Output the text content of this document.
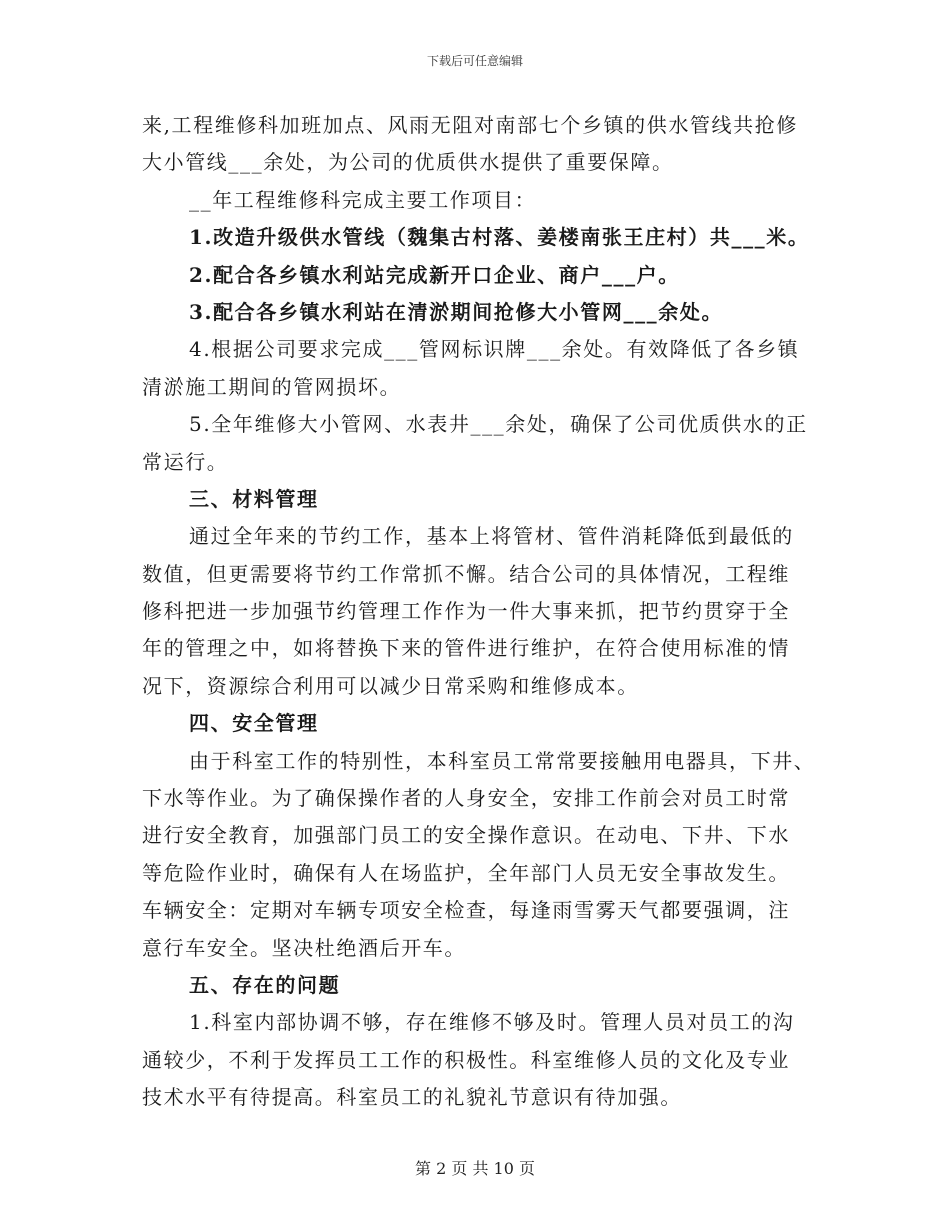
下载后可任意编辑
来,工程维修科加班加点、风雨无阻对南部七个乡镇的供水管线共抢修
大小管线___余处，为公司的优质供水提供了重要保障。
__年工程维修科完成主要工作项目：
1.改造升级供水管线（魏集古村落、姜楼南张王庄村）共___米。
2.配合各乡镇水利站完成新开口企业、商户___户。
3.配合各乡镇水利站在清淤期间抢修大小管网___余处。
4.根据公司要求完成___管网标识牌___余处。有效降低了各乡镇
清淤施工期间的管网损坏。
5.全年维修大小管网、水表井___余处，确保了公司优质供水的正
常运行。
三、材料管理
通过全年来的节约工作，基本上将管材、管件消耗降低到最低的
数值，但更需要将节约工作常抓不懈。结合公司的具体情况，工程维
修科把进一步加强节约管理工作作为一件大事来抓，把节约贯穿于全
年的管理之中，如将替换下来的管件进行维护，在符合使用标准的情
况下，资源综合利用可以减少日常采购和维修成本。
四、安全管理
由于科室工作的特别性，本科室员工常常要接触用电器具，下井、
下水等作业。为了确保操作者的人身安全，安排工作前会对员工时常
进行安全教育，加强部门员工的安全操作意识。在动电、下井、下水
等危险作业时，确保有人在场监护，全年部门人员无安全事故发生。
车辆安全：定期对车辆专项安全检查，每逢雨雪雾天气都要强调，注
意行车安全。坚决杜绝酒后开车。
五、存在的问题
1.科室内部协调不够，存在维修不够及时。管理人员对员工的沟
通较少，不利于发挥员工工作的积极性。科室维修人员的文化及专业
技术水平有待提高。科室员工的礼貌礼节意识有待加强。
第 2 页 共 10 页
